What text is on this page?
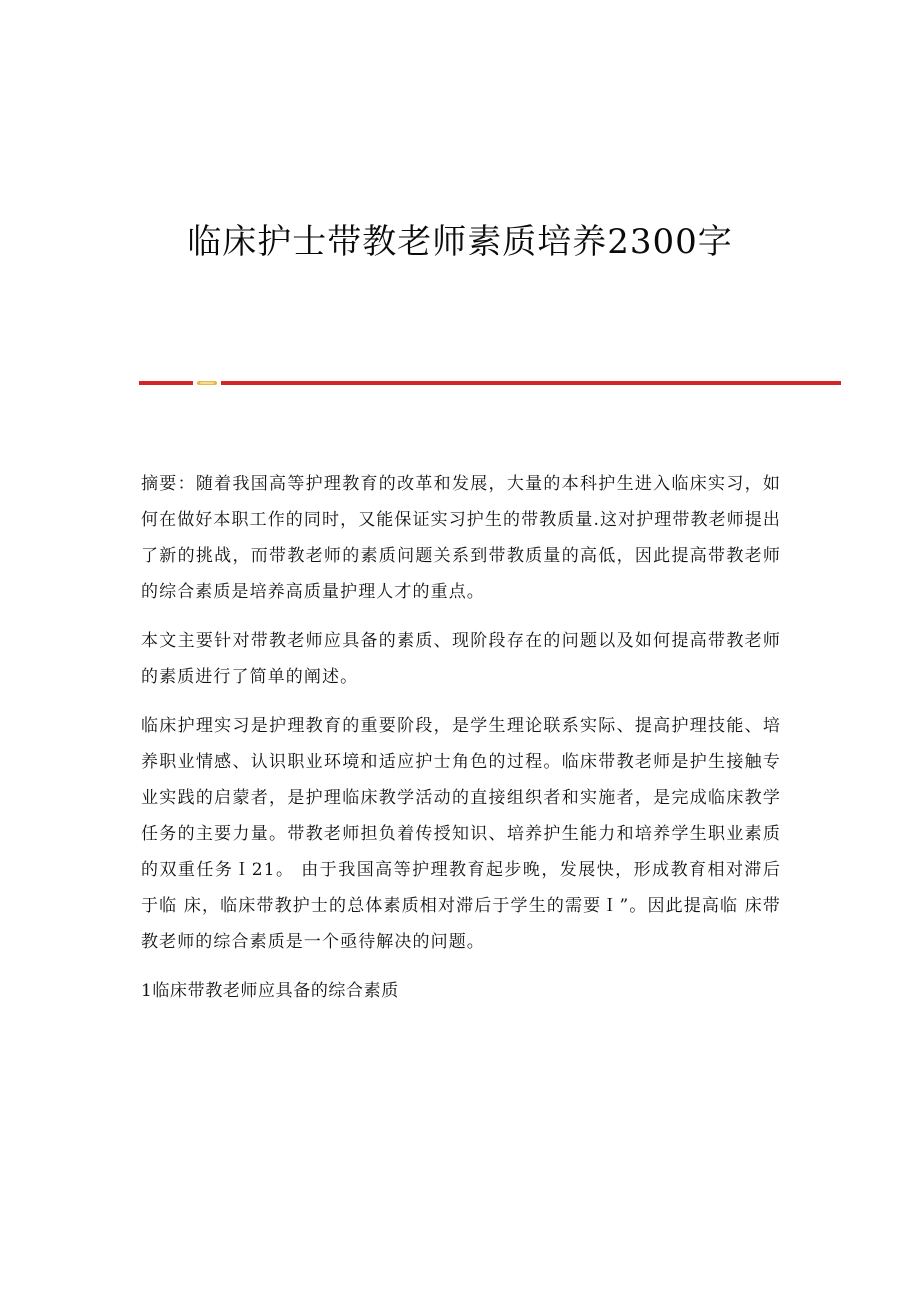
临床护士带教老师素质培养2300字

摘要：随着我国高等护理教育的改革和发展，大量的本科护生进入临床实习，如何在做好本职工作的同时，又能保证实习护生的带教质量.这对护理带教老师提出了新的挑战，而带教老师的素质问题关系到带教质量的高低，因此提高带教老师的综合素质是培养高质量护理人才的重点。

本文主要针对带教老师应具备的素质、现阶段存在的问题以及如何提高带教老师的素质进行了简单的阐述。

临床护理实习是护理教育的重要阶段，是学生理论联系实际、提高护理技能、培养职业情感、认识职业环境和适应护士角色的过程。临床带教老师是护生接触专业实践的启蒙者，是护理临床教学活动的直接组织者和实施者，是完成临床教学任务的主要力量。带教老师担负着传授知识、培养护生能力和培养学生职业素质的双重任务Ｉ21。 由于我国高等护理教育起步晚，发展快，形成教育相对滞后于临 床，临床带教护士的总体素质相对滞后于学生的需要Ｉ”。因此提高临 床带教老师的综合素质是一个亟待解决的问题。

1临床带教老师应具备的综合素质
